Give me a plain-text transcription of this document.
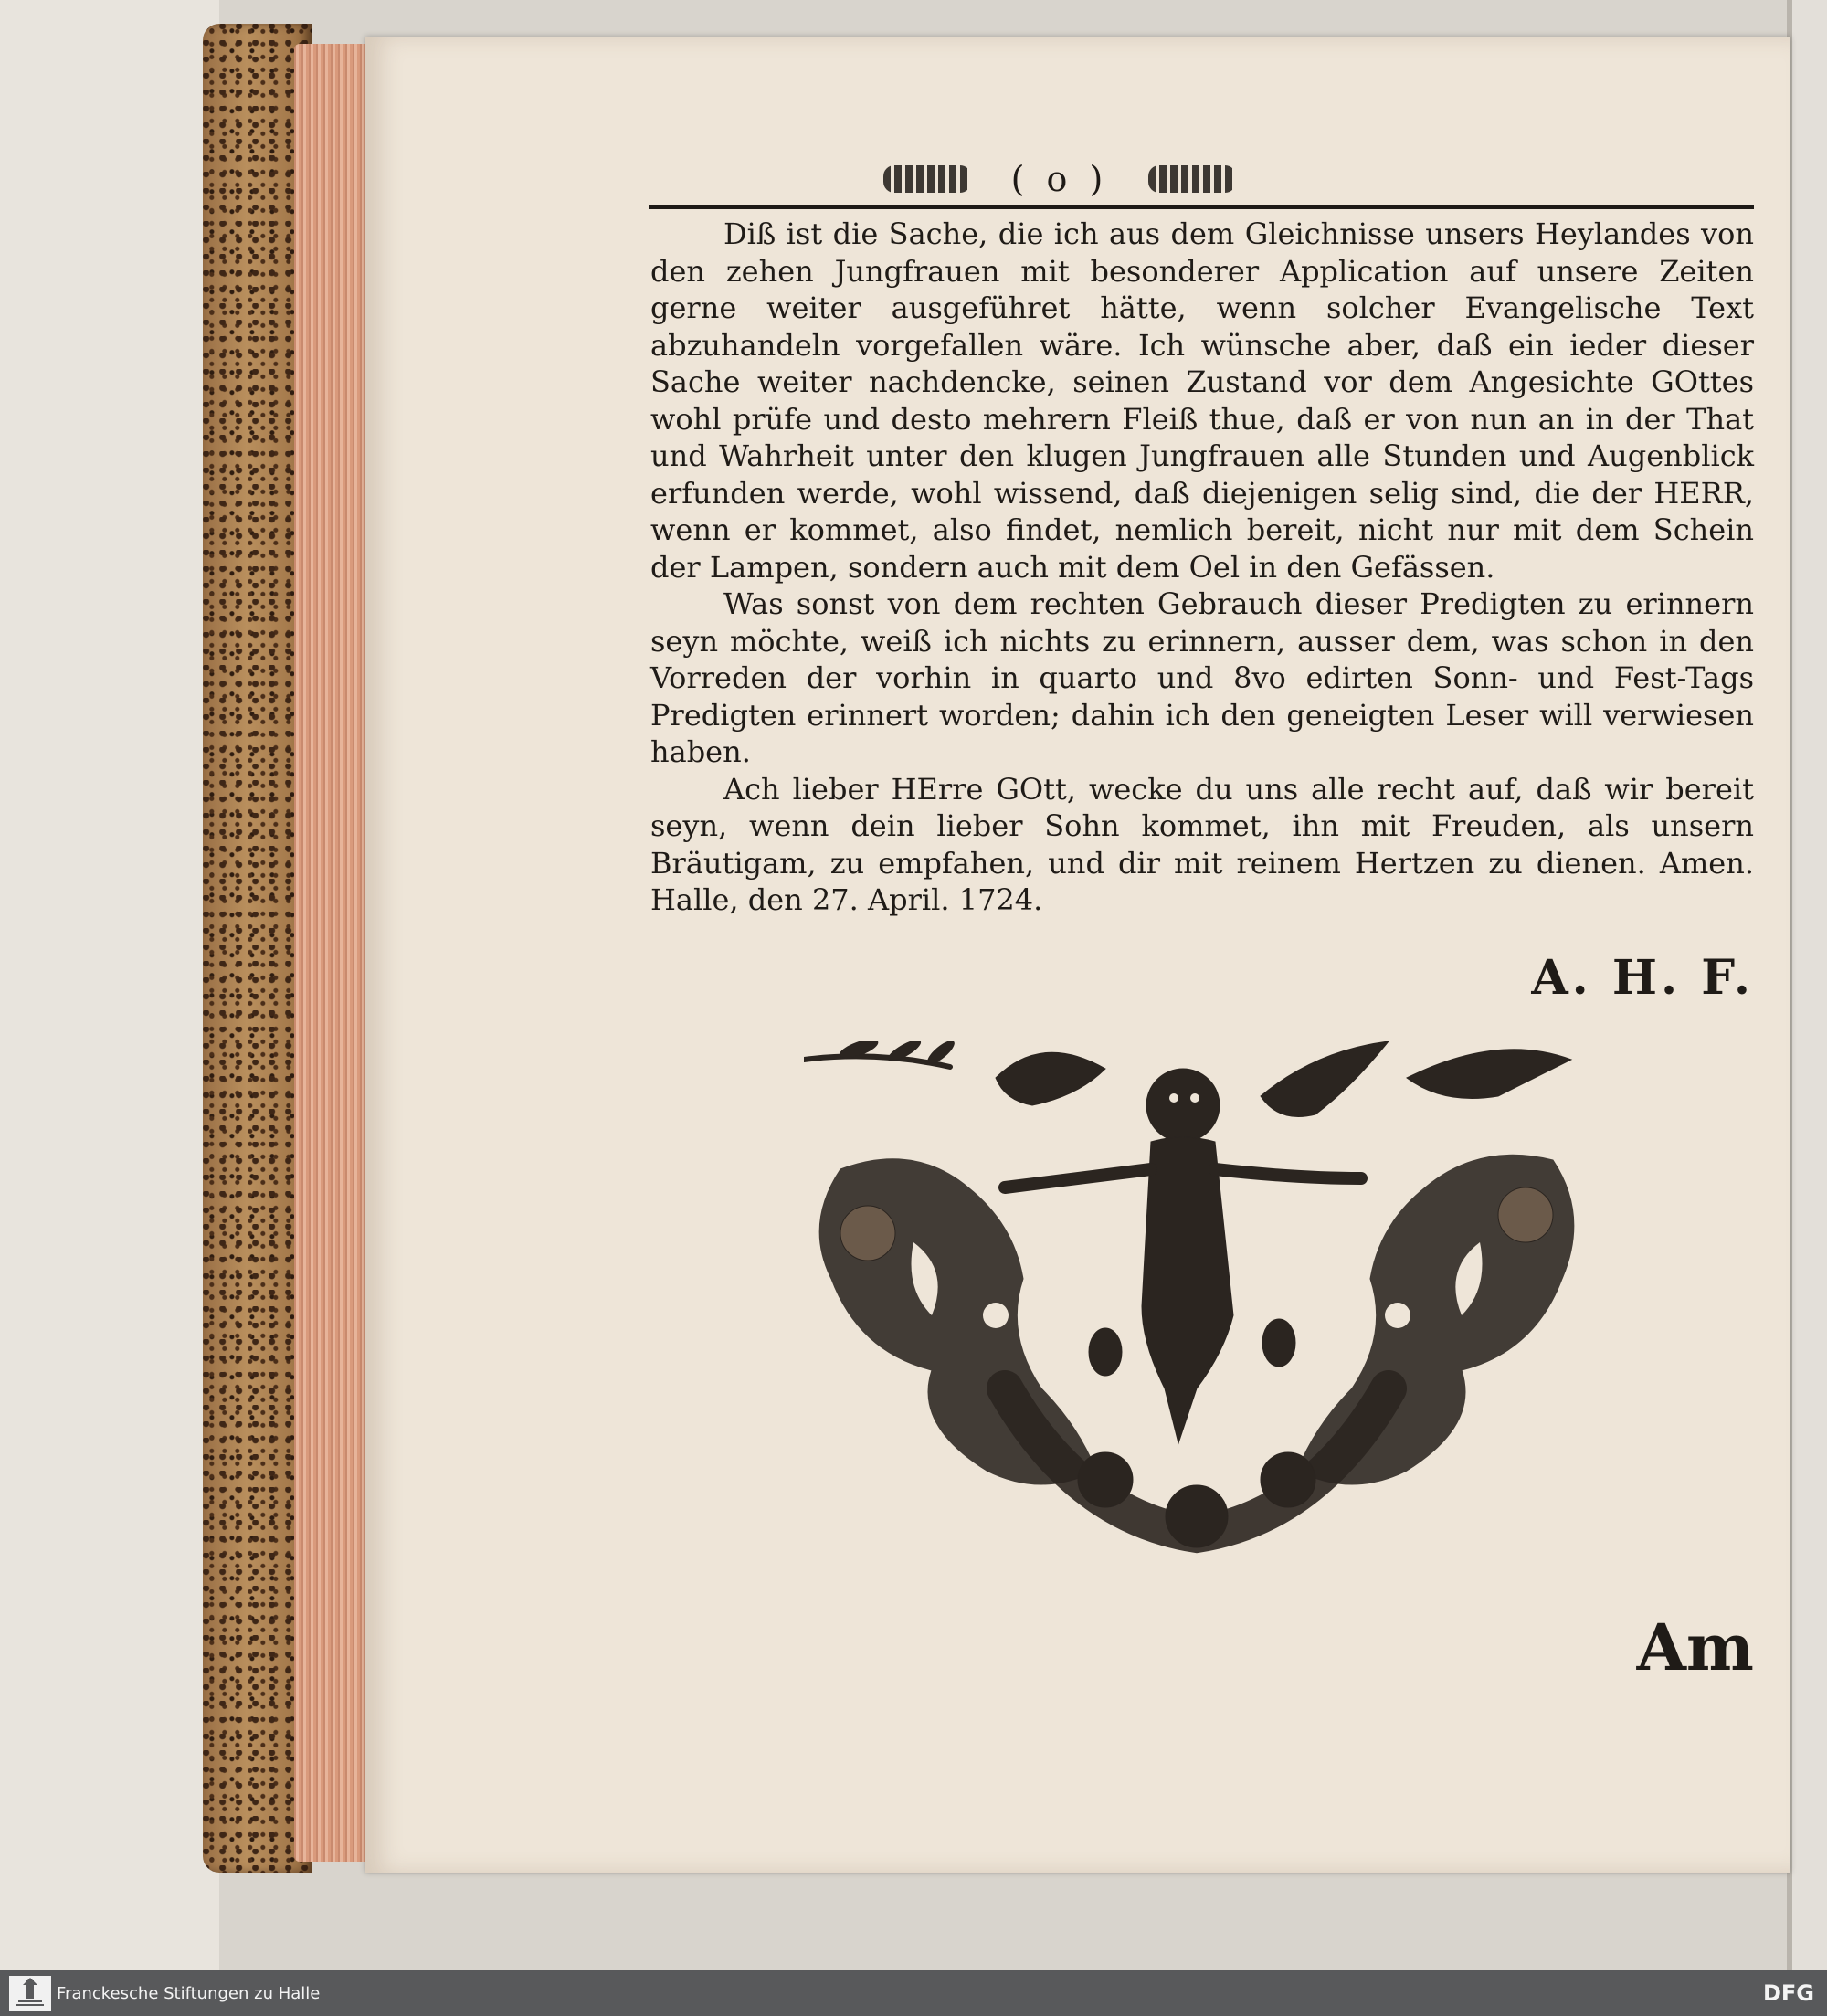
( o )

Diß ist die Sache, die ich aus dem Gleichnisse unsers Heylandes von den zehen Jungfrauen mit besonderer Application auf unsere Zeiten gerne weiter ausgeführet hätte, wenn solcher Evangelische Text abzuhandeln vorgefallen wäre. Ich wünsche aber, daß ein ieder dieser Sache weiter nachdencke, seinen Zustand vor dem Angesichte GOttes wohl prüfe und desto mehrern Fleiß thue, daß er von nun an in der That und Wahrheit unter den klugen Jungfrauen alle Stunden und Augenblick erfunden werde, wohl wissend, daß diejenigen selig sind, die der HERR, wenn er kommet, also findet, nemlich bereit, nicht nur mit dem Schein der Lampen, sondern auch mit dem Oel in den Gefässen.

Was sonst von dem rechten Gebrauch dieser Predigten zu erinnern seyn möchte, weiß ich nichts zu erinnern, ausser dem, was schon in den Vorreden der vorhin in quarto und 8vo edirten Sonn- und Fest-Tags Predigten erinnert worden; dahin ich den geneigten Leser will verwiesen haben.

Ach lieber HErre GOtt, wecke du uns alle recht auf, daß wir bereit seyn, wenn dein lieber Sohn kommet, ihn mit Freuden, als unsern Bräutigam, zu empfahen, und dir mit reinem Hertzen zu dienen. Amen. Halle, den 27. April. 1724.

A. H. F.
Am
Franckesche Stiftungen zu Halle	DFG
